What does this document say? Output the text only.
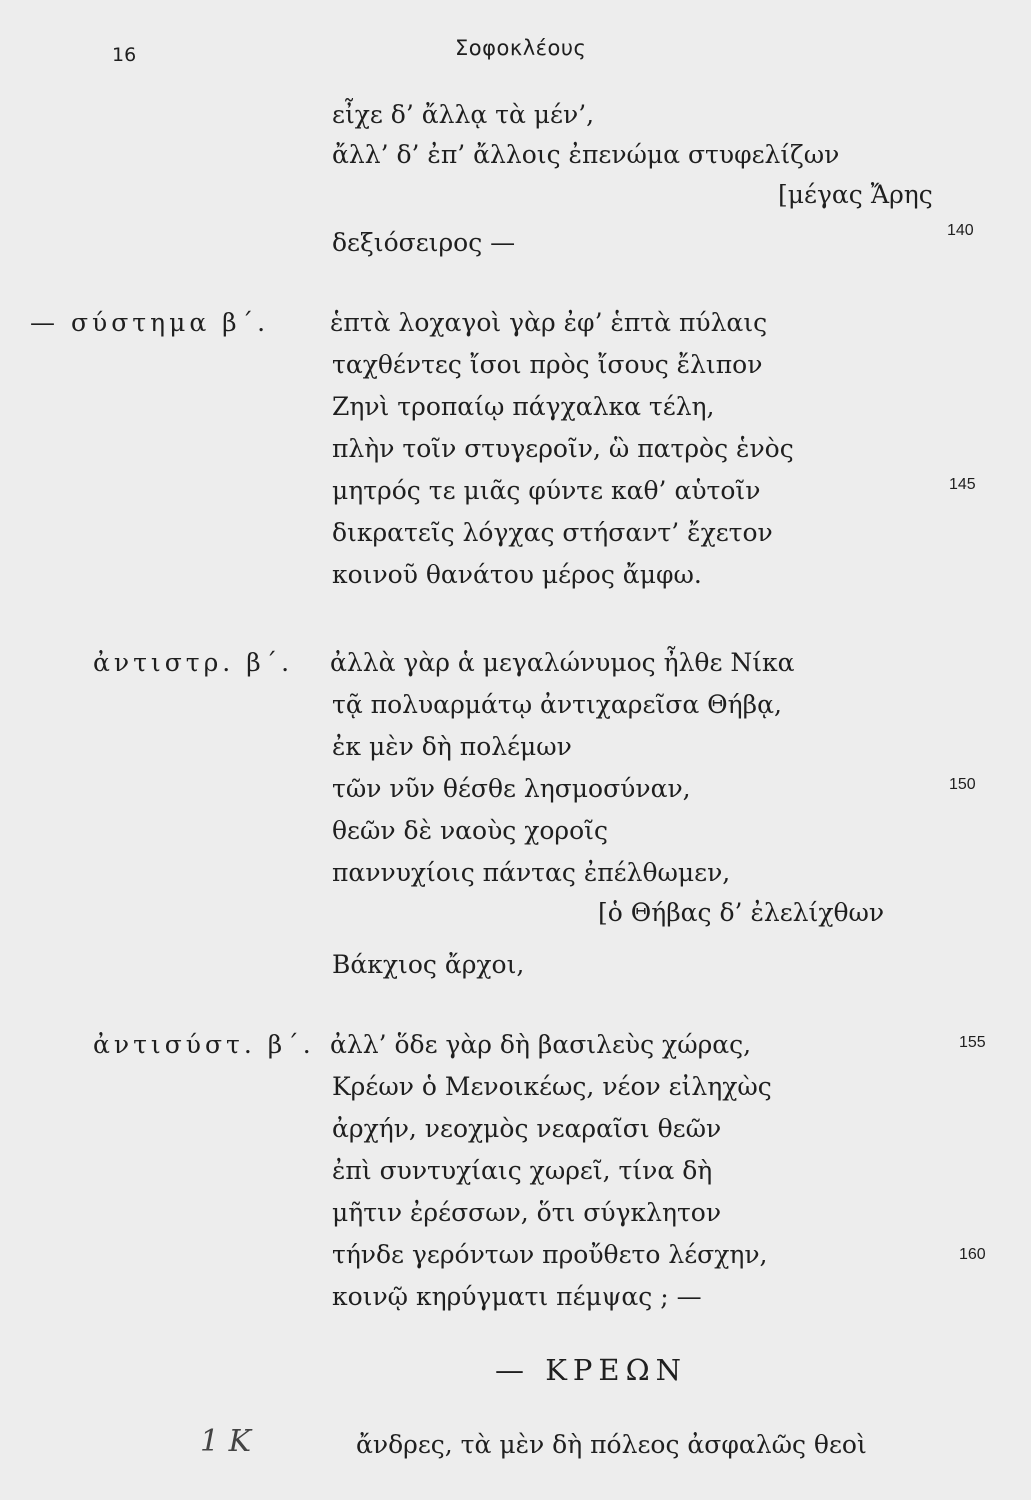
16	Σοφοκλέους
εἶχε δ’ ἄλλᾳ τὰ μέν’,
ἄλλ’ δ’ ἐπ’ ἄλλοις ἐπενώμα στυφελίζων
[μέγας Ἄρης
δεξιόσειρος —
ἑπτὰ λοχαγοὶ γὰρ ἐφ’ ἑπτὰ πύλαις
ταχθέντες ἴσοι πρὸς ἴσους ἔλιπον
Ζηνὶ τροπαίῳ πάγχαλκα τέλη,
πλὴν τοῖν στυγεροῖν, ὣ πατρὸς ἑνὸς
μητρός τε μιᾶς φύντε καθ’ αὑτοῖν
δικρατεῖς λόγχας στήσαντ’ ἔχετον
κοινοῦ θανάτου μέρος ἄμφω.
ἀλλὰ γὰρ ἁ μεγαλώνυμος ἦλθε Νίκα
τᾷ πολυαρμάτῳ ἀντιχαρεῖσα Θήβᾳ,
ἐκ μὲν δὴ πολέμων
τῶν νῦν θέσθε λησμοσύναν,
θεῶν δὲ ναοὺς χοροῖς
παννυχίοις πάντας ἐπέλθωμεν,
[ὁ Θήβας δ’ ἐλελίχθων
Βάκχιος ἄρχοι,
ἀλλ’ ὅδε γὰρ δὴ βασιλεὺς χώρας,
Κρέων ὁ Μενοικέως, νέον εἰληχὼς
ἀρχήν, νεοχμὸς νεαραῖσι θεῶν
ἐπὶ συντυχίαις χωρεῖ, τίνα δὴ
μῆτιν ἐρέσσων, ὅτι σύγκλητον
τήνδε γερόντων προὔθετο λέσχην,
κοινῷ κηρύγματι πέμψας ; —
ἄνδρες, τὰ μὲν δὴ πόλεος ἀσφαλῶς θεοὶ
— σύστημα β΄.
ἀντιστρ. β΄.
ἀντισύστ. β΄.
140
145
150
155
160
— ΚΡΕΩΝ
1 Κ
